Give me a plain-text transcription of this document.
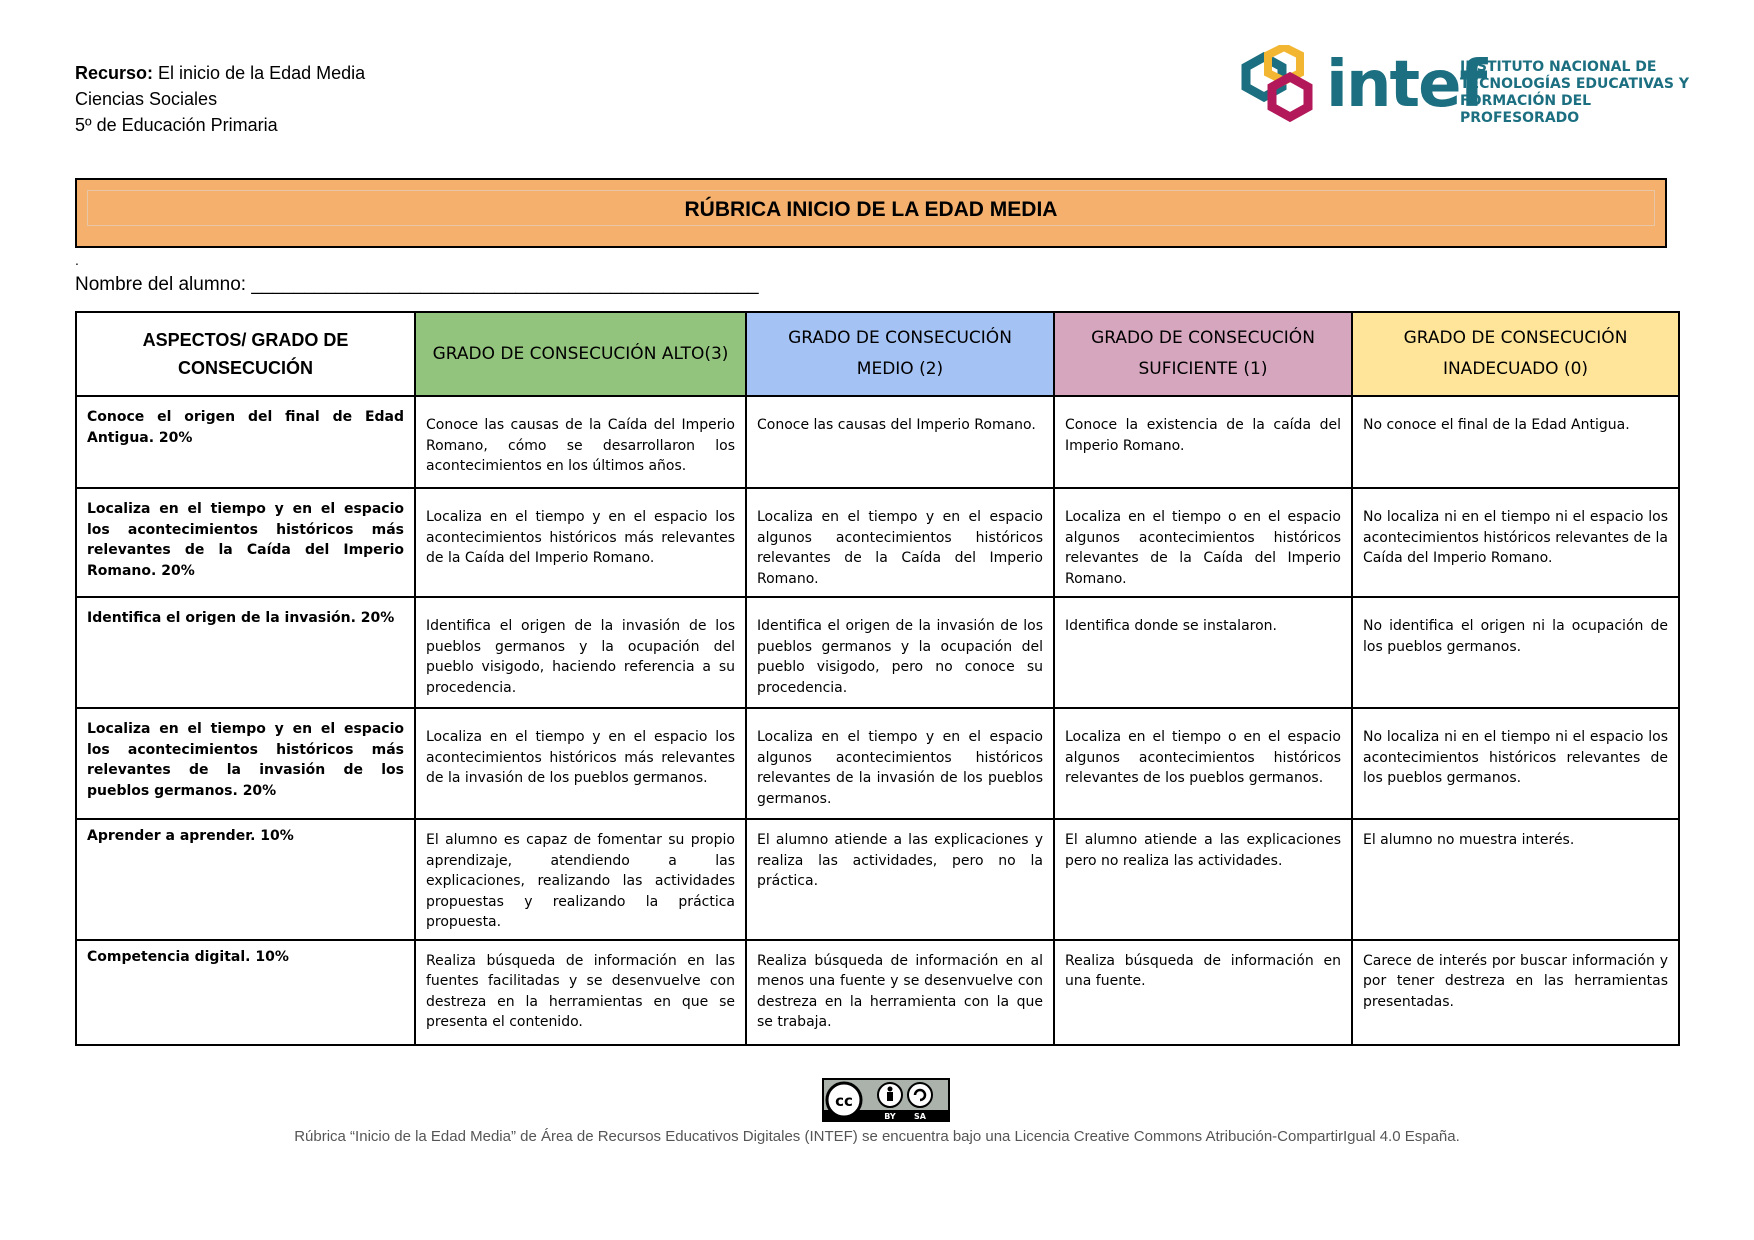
Recurso: El inicio de la Edad Media
Ciencias Sociales
5º de Educación Primaria
intef
INSTITUTO NACIONAL DE TECNOLOGÍAS EDUCATIVAS Y FORMACIÓN DEL PROFESORADO
RÚBRICA INICIO DE LA EDAD MEDIA
.
Nombre del alumno: ________________________________________________
ASPECTOS/ GRADO DE CONSECUCIÓN	GRADO DE CONSECUCIÓN ALTO(3)	GRADO DE CONSECUCIÓN MEDIO (2)	GRADO DE CONSECUCIÓN SUFICIENTE (1)	GRADO DE CONSECUCIÓN INADECUADO (0)
Conoce el origen del final de Edad Antigua. 20%	Conoce las causas de la Caída del Imperio Romano, cómo se desarrollaron los acontecimientos en los últimos años.	Conoce las causas del Imperio Romano.	Conoce la existencia de la caída del Imperio Romano.	No conoce el final de la Edad Antigua.
Localiza en el tiempo y en el espacio los acontecimientos históricos más relevantes de la Caída del Imperio Romano. 20%	Localiza en el tiempo y en el espacio los acontecimientos históricos más relevantes de la Caída del Imperio Romano.	Localiza en el tiempo y en el espacio algunos acontecimientos históricos relevantes de la Caída del Imperio Romano.	Localiza en el tiempo o en el espacio algunos acontecimientos históricos relevantes de la Caída del Imperio Romano.	No localiza ni en el tiempo ni el espacio los acontecimientos históricos relevantes de la Caída del Imperio Romano.
Identifica el origen de la invasión. 20%	Identifica el origen de la invasión de los pueblos germanos y la ocupación del pueblo visigodo, haciendo referencia a su procedencia.	Identifica el origen de la invasión de los pueblos germanos y la ocupación del pueblo visigodo, pero no conoce su procedencia.	Identifica donde se instalaron.	No identifica el origen ni la ocupación de los pueblos germanos.
Localiza en el tiempo y en el espacio los acontecimientos históricos más relevantes de la invasión de los pueblos germanos. 20%	Localiza en el tiempo y en el espacio los acontecimientos históricos más relevantes de la invasión de los pueblos germanos.	Localiza en el tiempo y en el espacio algunos acontecimientos históricos relevantes de la invasión de los pueblos germanos.	Localiza en el tiempo o en el espacio algunos acontecimientos históricos relevantes de los pueblos germanos.	No localiza ni en el tiempo ni el espacio los acontecimientos históricos relevantes de los pueblos germanos.
Aprender a aprender. 10%	El alumno es capaz de fomentar su propio aprendizaje, atendiendo a las explicaciones, realizando las actividades propuestas y realizando la práctica propuesta.	El alumno atiende a las explicaciones y realiza las actividades, pero no la práctica.	El alumno atiende a las explicaciones pero no realiza las actividades.	El alumno no muestra interés.
Competencia digital. 10%	Realiza búsqueda de información en las fuentes facilitadas y se desenvuelve con destreza en la herramientas en que se presenta el contenido.	Realiza búsqueda de información en al menos una fuente y se desenvuelve con destreza en la herramienta con la que se trabaja.	Realiza búsqueda de información en una fuente.	Carece de interés por buscar información y por tener destreza en las herramientas presentadas.
cc
BY SA
Rúbrica “Inicio de la Edad Media” de Área de Recursos Educativos Digitales (INTEF) se encuentra bajo una Licencia Creative Commons Atribución-CompartirIgual 4.0 España.
